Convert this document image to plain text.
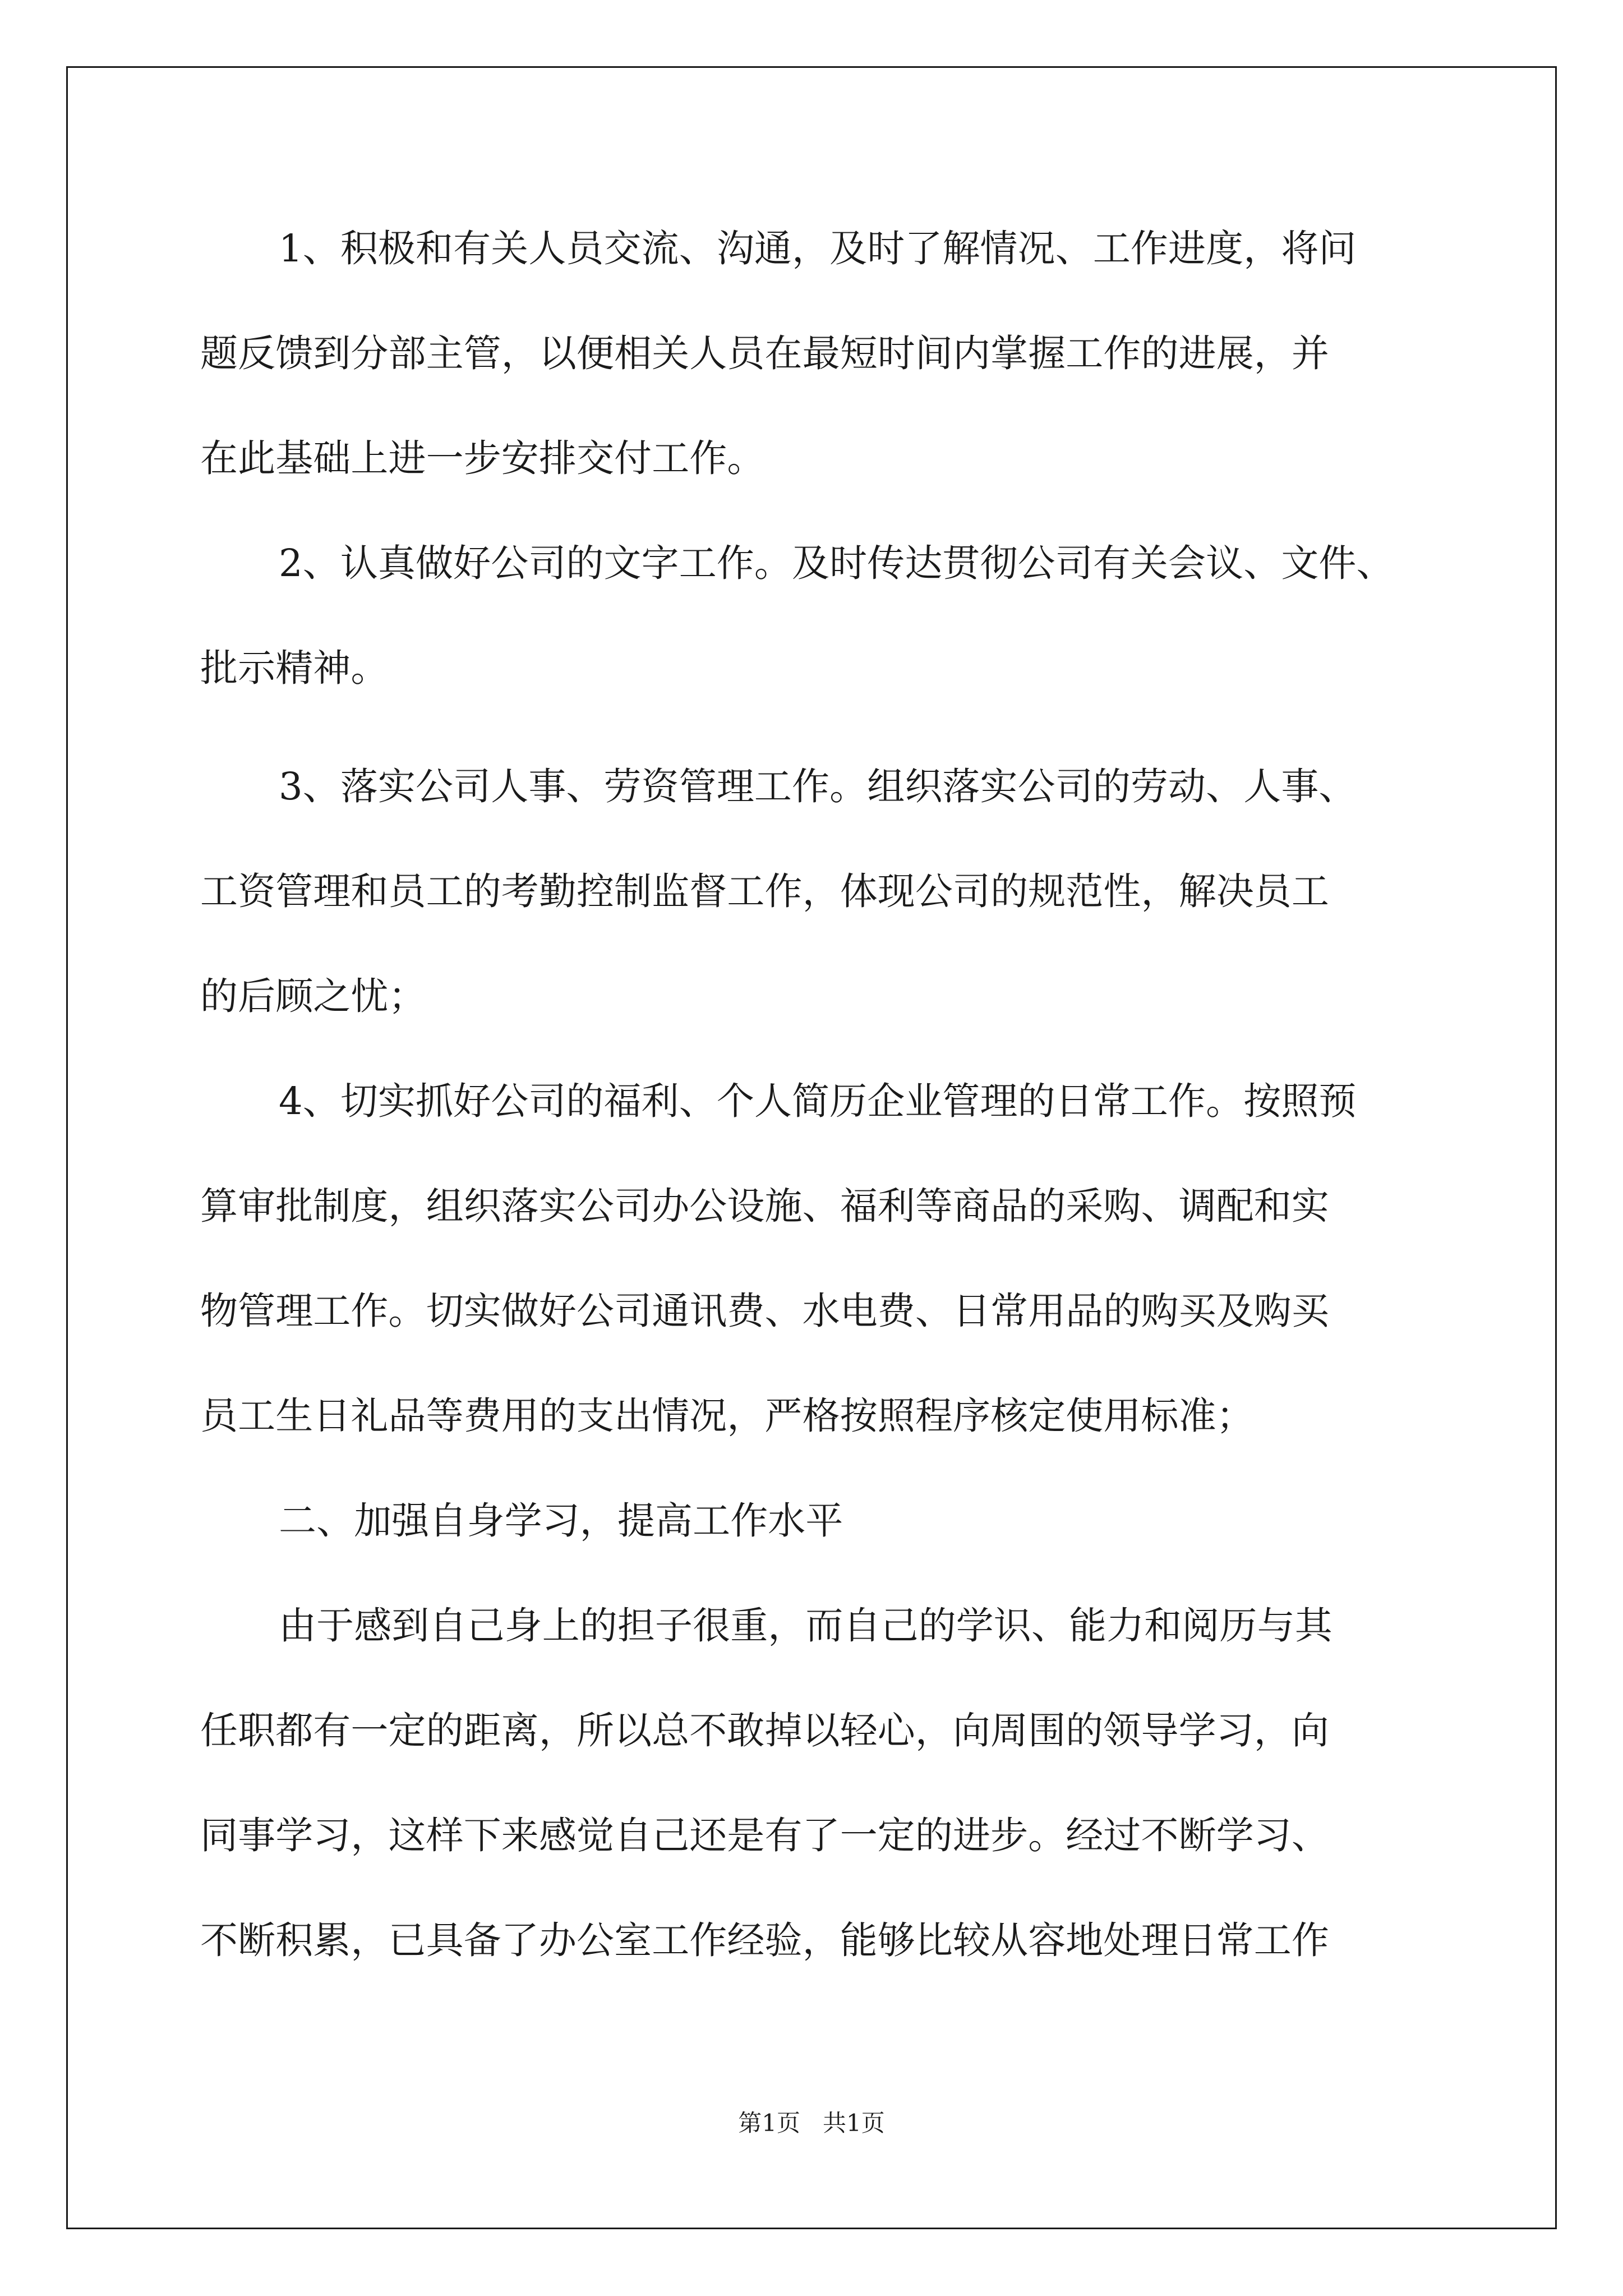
1、积极和有关人员交流、沟通，及时了解情况、工作进度，将问
题反馈到分部主管，以便相关人员在最短时间内掌握工作的进展，并
在此基础上进一步安排交付工作。
2、认真做好公司的文字工作。及时传达贯彻公司有关会议、文件、
批示精神。
3、落实公司人事、劳资管理工作。组织落实公司的劳动、人事、
工资管理和员工的考勤控制监督工作，体现公司的规范性，解决员工
的后顾之忧；
4、切实抓好公司的福利、个人简历企业管理的日常工作。按照预
算审批制度，组织落实公司办公设施、福利等商品的采购、调配和实
物管理工作。切实做好公司通讯费、水电费、日常用品的购买及购买
员工生日礼品等费用的支出情况，严格按照程序核定使用标准；
二、加强自身学习，提高工作水平
由于感到自己身上的担子很重，而自己的学识、能力和阅历与其
任职都有一定的距离，所以总不敢掉以轻心，向周围的领导学习，向
同事学习，这样下来感觉自己还是有了一定的进步。经过不断学习、
不断积累，已具备了办公室工作经验，能够比较从容地处理日常工作
第1页   共1页
